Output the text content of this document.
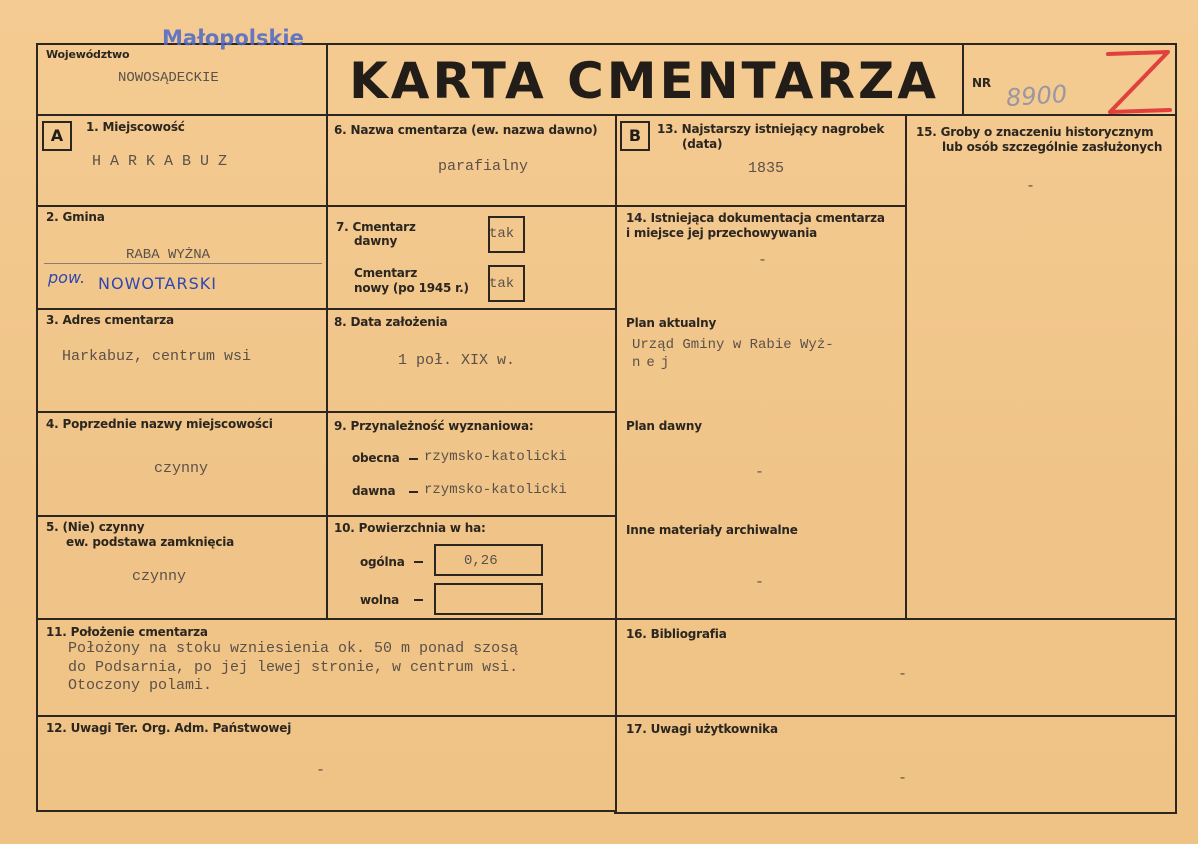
Województwo
Małopolskie
NOWOSĄDECKIE	KARTA CMENTARZA	NR 8900
A	1. Miejscowość
HARKABUZ
2. Gmina
RABA WYŻNA
pow. NOWOTARSKI
3. Adres cmentarza
Harkabuz, centrum wsi
4. Poprzednie nazwy miejscowości
czynny
5. (Nie) czynny
ew. podstawa zamknięcia
czynny
6. Nazwa cmentarza (ew. nazwa dawno)
parafialny
7. Cmentarz
dawny	tak
Cmentarz
nowy (po 1945 r.) tak
8. Data założenia
1 poł. XIX w.
9. Przynależność wyznaniowa:
obecna rzymsko-katolicki
dawna rzymsko-katolicki
10. Powierzchnia w ha:
ogólna	0,26
wolna
B	13. Najstarszy istniejący nagrobek
(data)
1835
14. Istniejąca dokumentacja cmentarza
i miejsce jej przechowywania
-
Plan aktualny
Urząd Gminy w Rabie Wyż-
nej
Plan dawny
-
Inne materiały archiwalne
-
15. Groby o znaczeniu historycznym
lub osób szczególnie zasłużonych
-
11. Położenie cmentarza
Położony na stoku wzniesienia ok. 50 m ponad szosą
do Podsarnia, po jej lewej stronie, w centrum wsi.
Otoczony polami.
16. Bibliografia
-
12. Uwagi Ter. Org. Adm. Państwowej
-
17. Uwagi użytkownika
-
